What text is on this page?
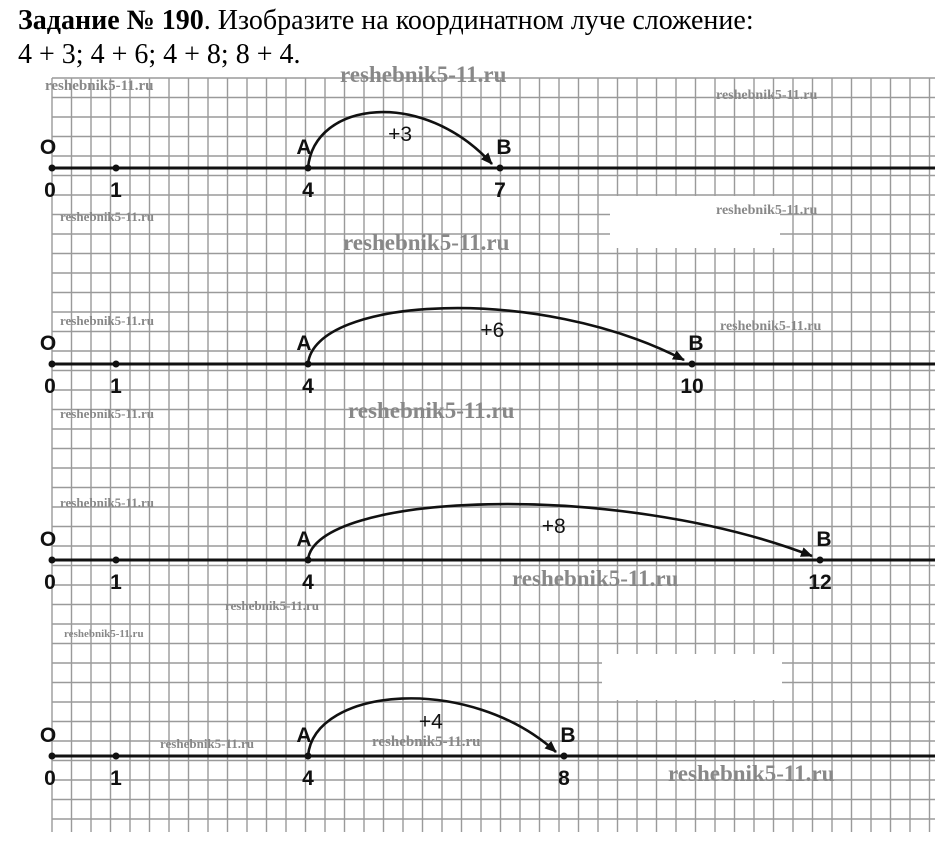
Задание № 190. Изобразите на координатном луче сложение:
4 + 3; 4 + 6; 4 + 8; 8 + 4.
O	A	B
0	1	4	7
+3
O	A	B
0	1	4	10
+6
O	A	B
0	1	4	12
+8
O	A	B
0	1	4	8
+4
reshebnik5-11.ru	reshebnik5-11.ru
reshebnik5-11.ru
reshebnik5-11.ru
reshebnik5-11.ru
reshebnik5-11.ru
reshebnik5-11.ru	reshebnik5-11.ru
reshebnik5-11.ru	reshebnik5-11.ru
reshebnik5-11.ru
reshebnik5-11.ru
reshebnik5-11.ru
reshebnik5-11.ru
reshebnik5-11.ru	reshebnik5-11.ru
reshebnik5-11.ru
